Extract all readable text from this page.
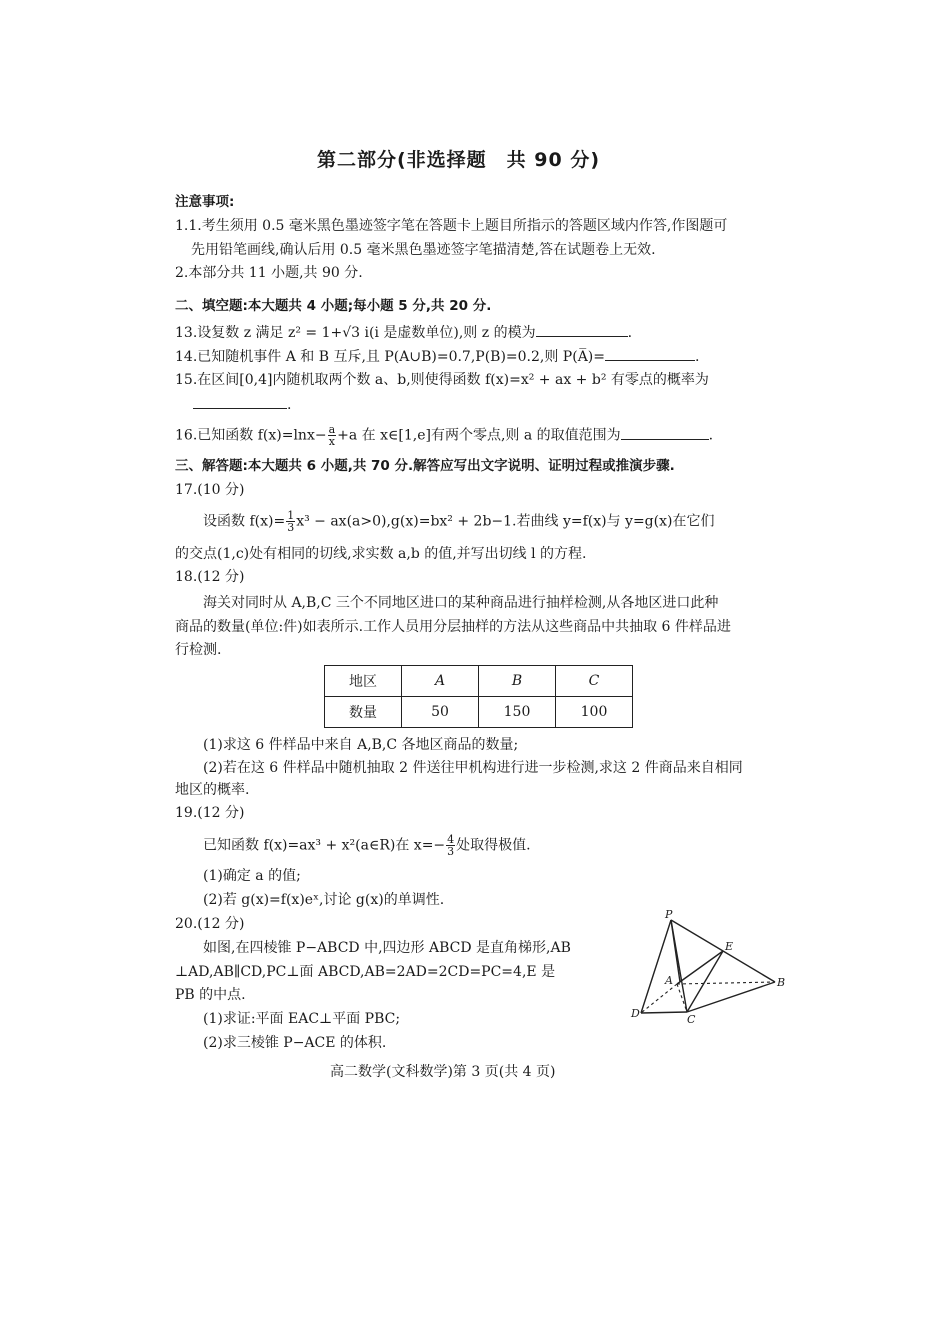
第二部分(非选择题　共 90 分)
注意事项:
1.1.考生须用 0.5 毫米黑色墨迹签字笔在答题卡上题目所指示的答题区域内作答,作图题可
先用铅笔画线,确认后用 0.5 毫米黑色墨迹签字笔描清楚,答在试题卷上无效.
2.本部分共 11 小题,共 90 分.
二、填空题:本大题共 4 小题;每小题 5 分,共 20 分.
13.设复数 z 满足 z² = 1+√3 i(i 是虚数单位),则 z 的模为	.
14.已知随机事件 A 和 B 互斥,且 P(A∪B)=0.7,P(B)=0.2,则 P(A̅)=	.
15.在区间[0,4]内随机取两个数 a、b,则使得函数 f(x)=x² + ax + b² 有零点的概率为
.
16.已知函数 $f(x)=\ln x- \frac{a}{x} +a$ 在 x∈[1,e]有两个零点,则 a 的取值范围为	.
三、解答题:本大题共 6 小题,共 70 分.解答应写出文字说明、证明过程或推演步骤.
17.(10 分)
设函数 $f(x)= \frac{1}{3} x^3 - ax(a>0),g(x)=bx^2 + 2b-1$.若曲线 y=f(x)与 y=g(x)在它们
的交点(1,c)处有相同的切线,求实数 a,b 的值,并写出切线 l 的方程.
18.(12 分)
海关对同时从 A,B,C 三个不同地区进口的某种商品进行抽样检测,从各地区进口此种
商品的数量(单位:件)如表所示.工作人员用分层抽样的方法从这些商品中共抽取 6 件样品进
行检测.
地区	A	B	C
数量	50	150	100
(1)求这 6 件样品中来自 A,B,C 各地区商品的数量;
(2)若在这 6 件样品中随机抽取 2 件送往甲机构进行进一步检测,求这 2 件商品来自相同
地区的概率.
19.(12 分)
已知函数 f(x)=ax³ + x²(a∈R)在 $x=- \frac{4}{3}$ 处取得极值.
(1)确定 a 的值;
(2)若 g(x)=f(x)eˣ,讨论 g(x)的单调性.
20.(12 分)
如图,在四棱锥 P−ABCD 中,四边形 ABCD 是直角梯形,AB
⊥AD,AB∥CD,PC⊥面 ABCD,AB=2AD=2CD=PC=4,E 是
PB 的中点.
(1)求证:平面 EAC⊥平面 PBC;
(2)求三棱锥 P−ACE 的体积.
P
E
A	B
C
D
高二数学(文科数学)第 3 页(共 4 页)
